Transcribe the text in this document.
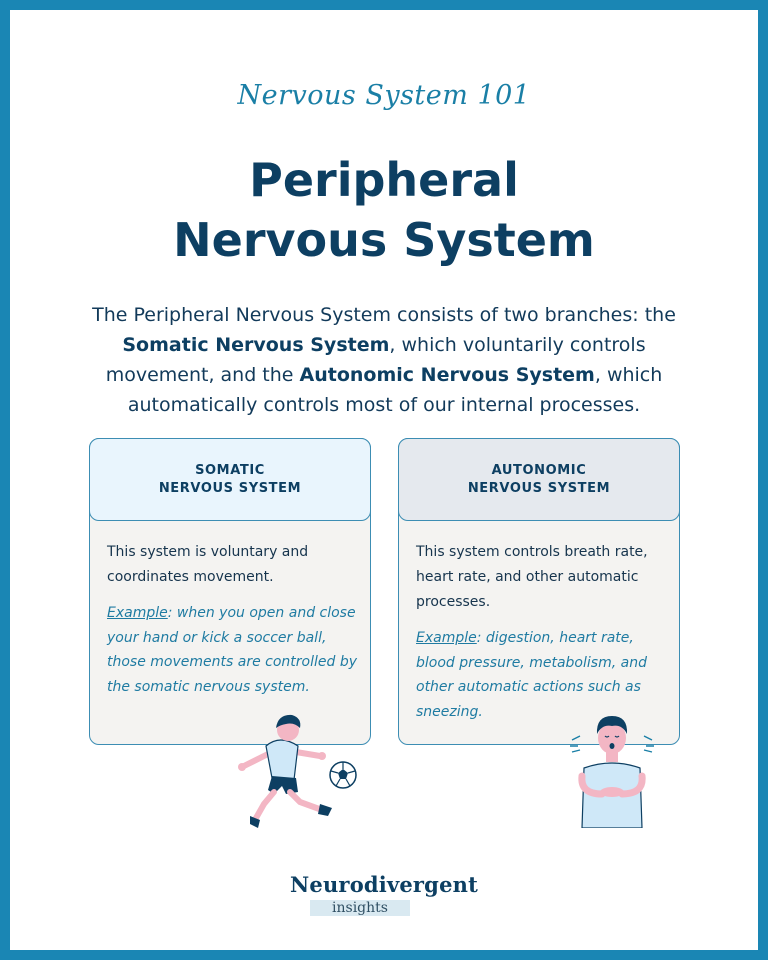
Nervous System 101
Peripheral
Nervous System

The Peripheral Nervous System consists of two branches: the Somatic Nervous System, which voluntarily controls movement, and the Autonomic Nervous System, which automatically controls most of our internal processes.

SOMATIC
NERVOUS SYSTEM
This system is voluntary and coordinates movement.
Example: when you open and close your hand or kick a soccer ball, those movements are controlled by the somatic nervous system.
AUTONOMIC
NERVOUS SYSTEM
This system controls breath rate, heart rate, and other automatic processes.
Example: digestion, heart rate, blood pressure, metabolism, and other automatic actions such as sneezing.
Neurodivergent
insights
